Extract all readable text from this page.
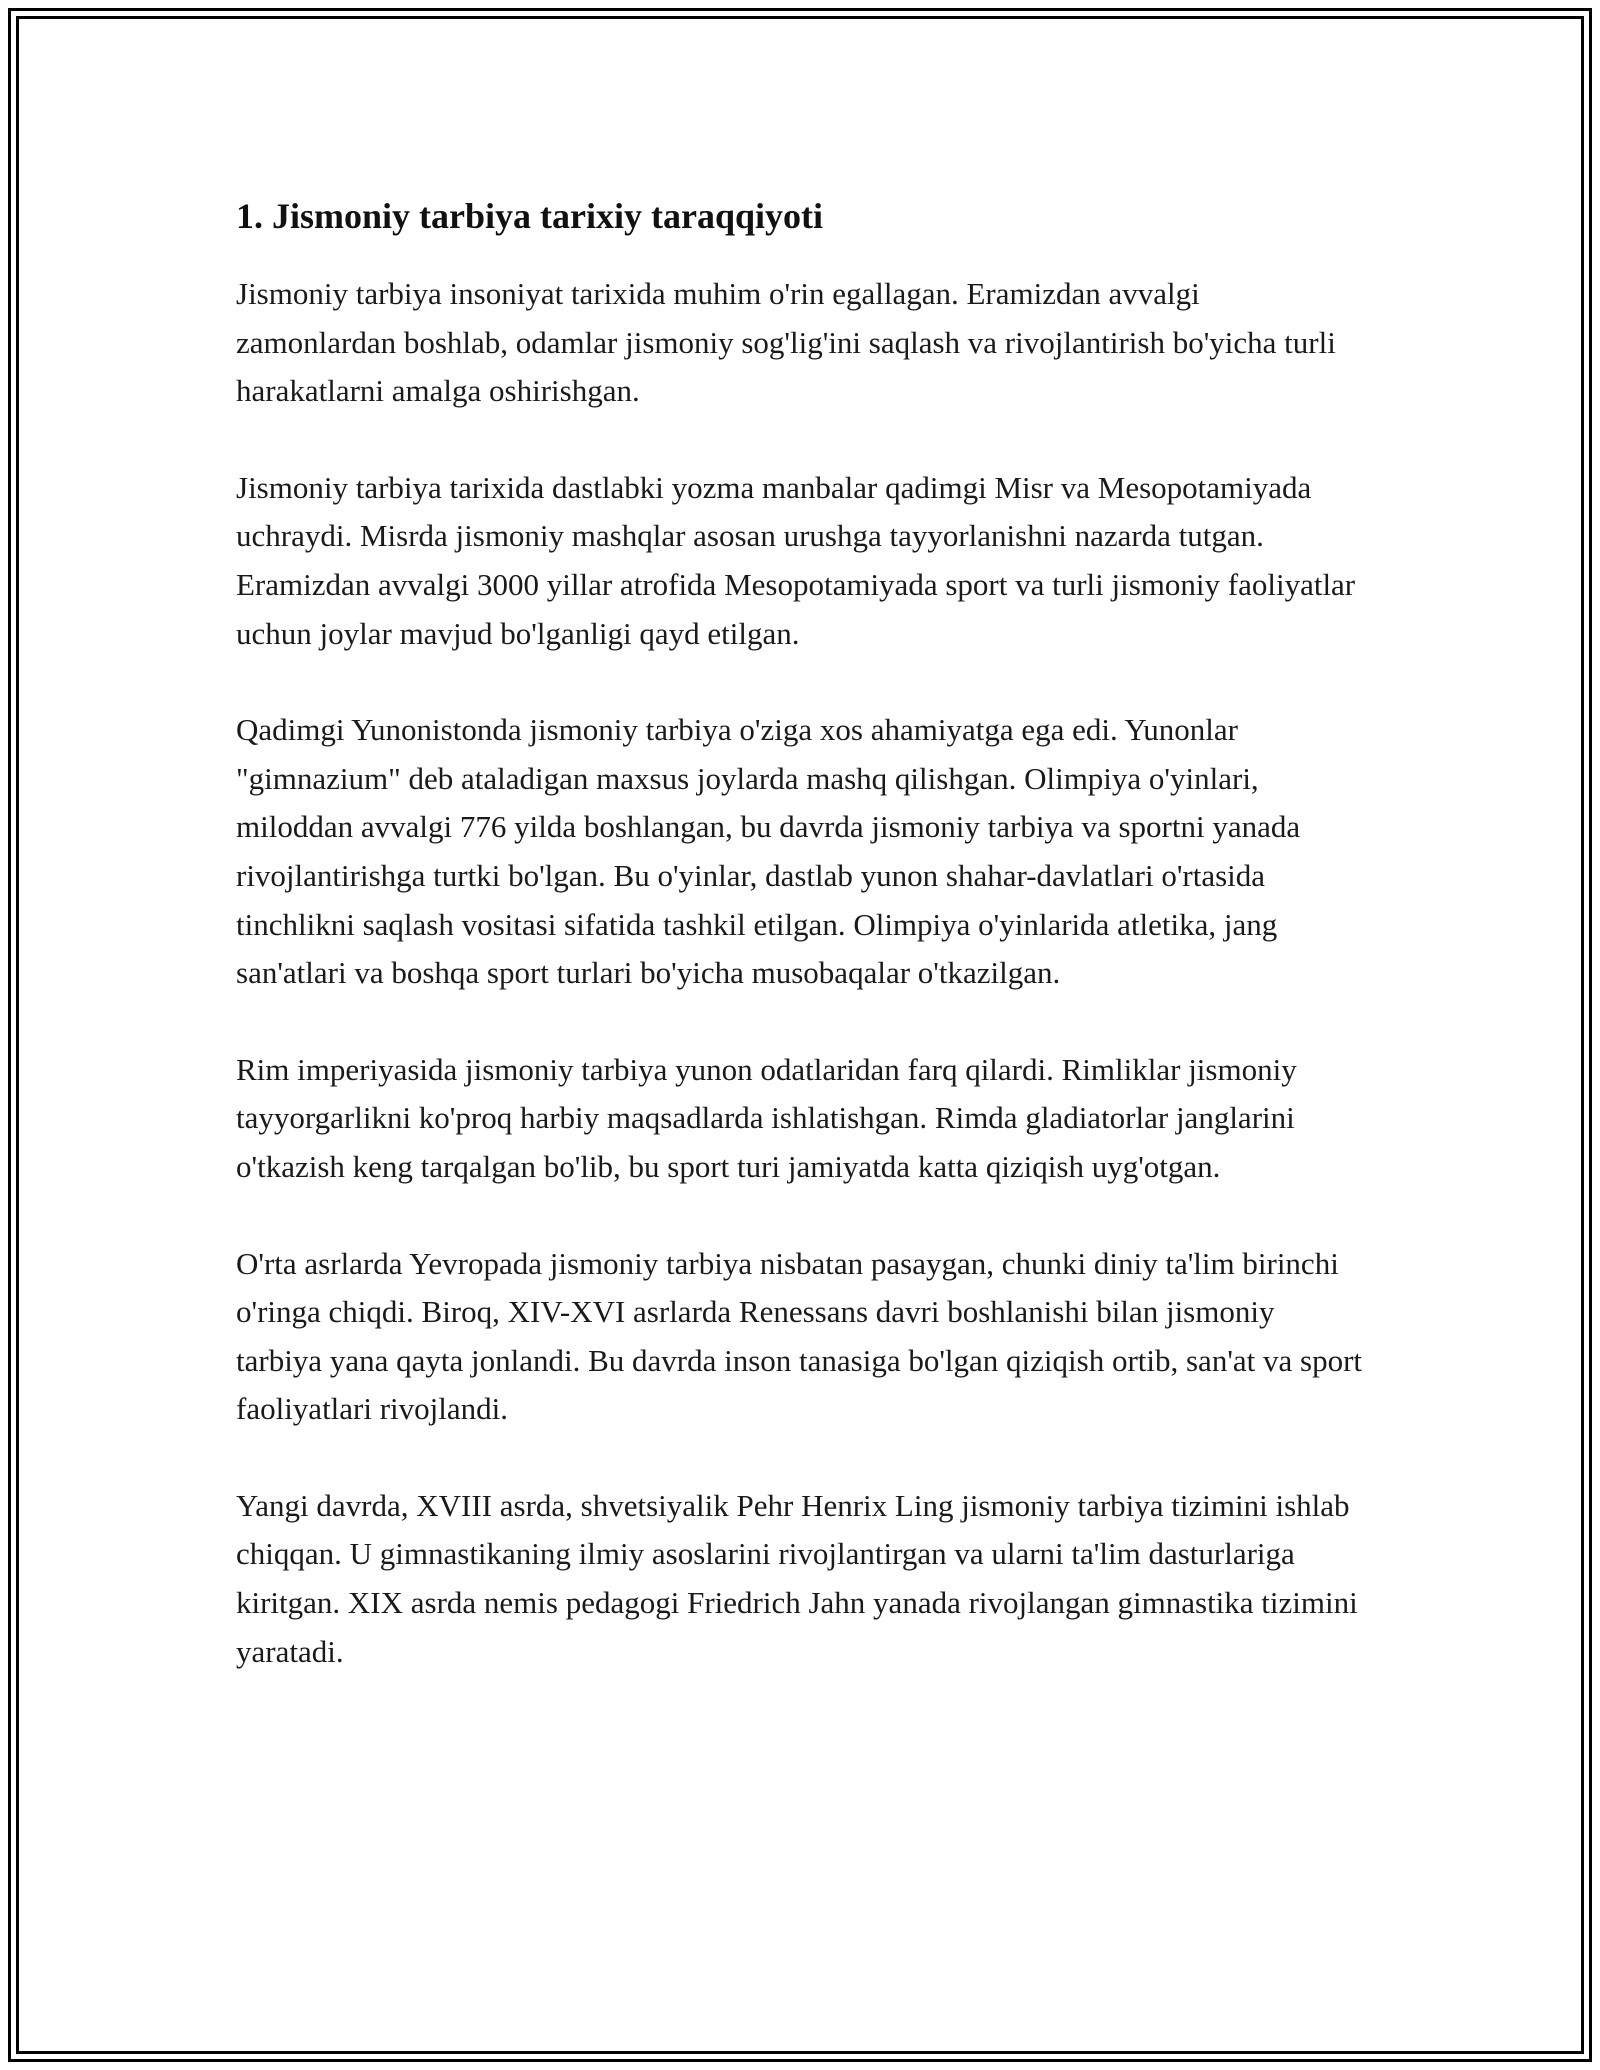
1. Jismoniy tarbiya tarixiy taraqqiyoti

Jismoniy tarbiya insoniyat tarixida muhim o'rin egallagan. Eramizdan avvalgi zamonlardan boshlab, odamlar jismoniy sog'lig'ini saqlash va rivojlantirish bo'yicha turli harakatlarni amalga oshirishgan.

Jismoniy tarbiya tarixida dastlabki yozma manbalar qadimgi Misr va Mesopotamiyada uchraydi. Misrda jismoniy mashqlar asosan urushga tayyorlanishni nazarda tutgan. Eramizdan avvalgi 3000 yillar atrofida Mesopotamiyada sport va turli jismoniy faoliyatlar uchun joylar mavjud bo'lganligi qayd etilgan.

Qadimgi Yunonistonda jismoniy tarbiya o'ziga xos ahamiyatga ega edi. Yunonlar "gimnazium" deb ataladigan maxsus joylarda mashq qilishgan. Olimpiya o'yinlari, miloddan avvalgi 776 yilda boshlangan, bu davrda jismoniy tarbiya va sportni yanada rivojlantirishga turtki bo'lgan. Bu o'yinlar, dastlab yunon shahar-davlatlari o'rtasida tinchlikni saqlash vositasi sifatida tashkil etilgan. Olimpiya o'yinlarida atletika, jang san'atlari va boshqa sport turlari bo'yicha musobaqalar o'tkazilgan.

Rim imperiyasida jismoniy tarbiya yunon odatlaridan farq qilardi. Rimliklar jismoniy tayyorgarlikni ko'proq harbiy maqsadlarda ishlatishgan. Rimda gladiatorlar janglarini o'tkazish keng tarqalgan bo'lib, bu sport turi jamiyatda katta qiziqish uyg'otgan.

O'rta asrlarda Yevropada jismoniy tarbiya nisbatan pasaygan, chunki diniy ta'lim birinchi o'ringa chiqdi. Biroq, XIV-XVI asrlarda Renessans davri boshlanishi bilan jismoniy tarbiya yana qayta jonlandi. Bu davrda inson tanasiga bo'lgan qiziqish ortib, san'at va sport faoliyatlari rivojlandi.

Yangi davrda, XVIII asrda, shvetsiyalik Pehr Henrix Ling jismoniy tarbiya tizimini ishlab chiqqan. U gimnastikaning ilmiy asoslarini rivojlantirgan va ularni ta'lim dasturlariga kiritgan. XIX asrda nemis pedagogi Friedrich Jahn yanada rivojlangan gimnastika tizimini yaratadi.
